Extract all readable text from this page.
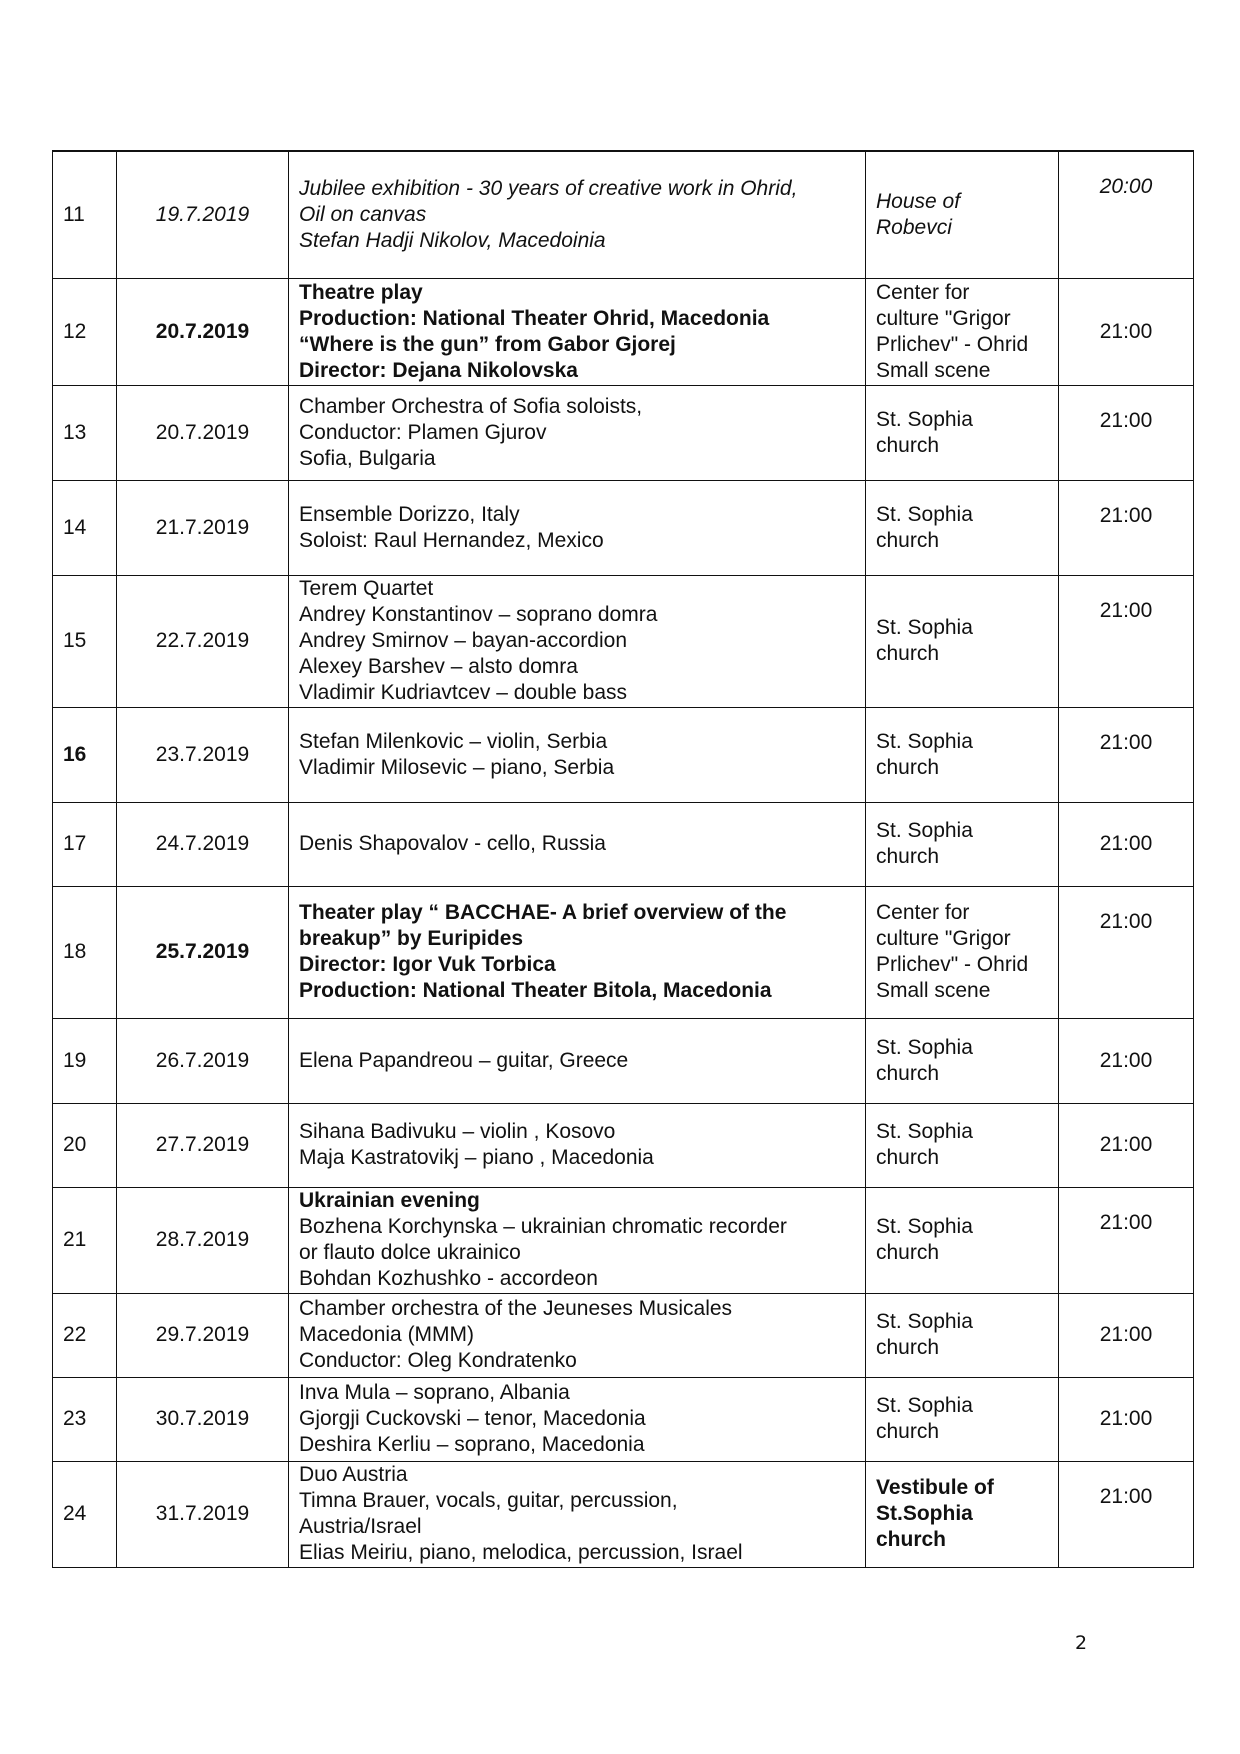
11	19.7.2019	Jubilee exhibition - 30 years of creative work in Ohrid,
Oil on canvas
Stefan Hadji Nikolov, Macedoinia	House of
Robevci	20:00
12	20.7.2019	Theatre play
Production: National Theater Ohrid, Macedonia
“Where is the gun” from Gabor Gjorej
Director: Dejana Nikolovska	Center for
culture "Grigor
Prlichev" - Ohrid
Small scene	21:00
13	20.7.2019	Chamber Orchestra of Sofia soloists,
Conductor: Plamen Gjurov
Sofia, Bulgaria	St. Sophia
church	21:00
14	21.7.2019	Ensemble Dorizzo, Italy
Soloist: Raul Hernandez, Mexico	St. Sophia
church	21:00
15	22.7.2019	Terem Quartet
Andrey Konstantinov – soprano domra
Andrey Smirnov – bayan-accordion
Alexey Barshev – alsto domra
Vladimir Kudriavtcev – double bass	St. Sophia
church	21:00
16	23.7.2019	Stefan Milenkovic – violin, Serbia
Vladimir Milosevic – piano, Serbia	St. Sophia
church	21:00
17	24.7.2019	Denis Shapovalov - cello, Russia	St. Sophia
church	21:00
18	25.7.2019	Theater play “ BACCHAE- A brief overview of the
breakup” by Euripides
Director: Igor Vuk Torbica
Production: National Theater Bitola, Macedonia	Center for
culture "Grigor
Prlichev" - Ohrid
Small scene	21:00
19	26.7.2019	Elena Papandreou – guitar, Greece	St. Sophia
church	21:00
20	27.7.2019	Sihana Badivuku – violin , Kosovo
Maja Kastratovikj – piano , Macedonia	St. Sophia
church	21:00
21	28.7.2019	Ukrainian evening
Bozhena Korchynska – ukrainian chromatic recorder
or flauto dolce ukrainico
Bohdan Kozhushko - accordeon	St. Sophia
church	21:00
22	29.7.2019	Chamber orchestra of the Jeuneses Musicales
Macedonia (MMM)
Conductor: Oleg Kondratenko	St. Sophia
church	21:00
23	30.7.2019	Inva Mula – soprano, Albania
Gjorgji Cuckovski – tenor, Macedonia
Deshira Kerliu – soprano, Macedonia	St. Sophia
church	21:00
24	31.7.2019	Duo Austria
Timna Brauer, vocals, guitar, percussion,
Austria/Israel
Elias Meiriu, piano, melodica, percussion, Israel	Vestibule of
St.Sophia
church	21:00
2
